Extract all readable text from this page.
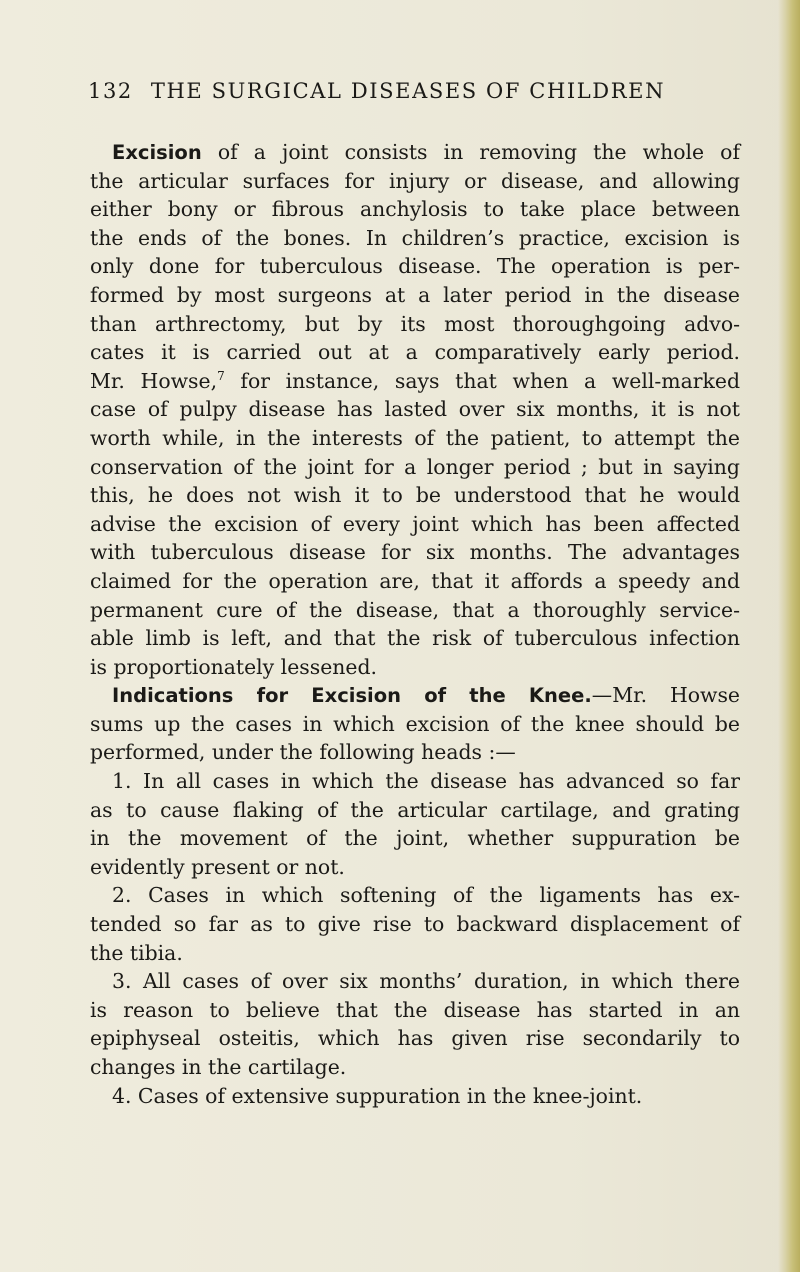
132 THE SURGICAL DISEASES OF CHILDREN
Excision of a joint consists in removing the whole of
the articular surfaces for injury or disease, and allowing
either bony or fibrous anchylosis to take place between
the ends of the bones. In children’s practice, excision is
only done for tuberculous disease. The operation is per-
formed by most surgeons at a later period in the disease
than arthrectomy, but by its most thoroughgoing advo-
cates it is carried out at a comparatively early period.
Mr. Howse,$^7$ for instance, says that when a well-marked
case of pulpy disease has lasted over six months, it is not
worth while, in the interests of the patient, to attempt the
conservation of the joint for a longer period ; but in saying
this, he does not wish it to be understood that he would
advise the excision of every joint which has been affected
with tuberculous disease for six months. The advantages
claimed for the operation are, that it affords a speedy and
permanent cure of the disease, that a thoroughly service-
able limb is left, and that the risk of tuberculous infection
is proportionately lessened.
Indications for Excision of the Knee.—Mr. Howse
sums up the cases in which excision of the knee should be
performed, under the following heads :—
1. In all cases in which the disease has advanced so far
as to cause flaking of the articular cartilage, and grating
in the movement of the joint, whether suppuration be
evidently present or not.
2. Cases in which softening of the ligaments has ex-
tended so far as to give rise to backward displacement of
the tibia.
3. All cases of over six months’ duration, in which there
is reason to believe that the disease has started in an
epiphyseal osteitis, which has given rise secondarily to
changes in the cartilage.
4. Cases of extensive suppuration in the knee-joint.
